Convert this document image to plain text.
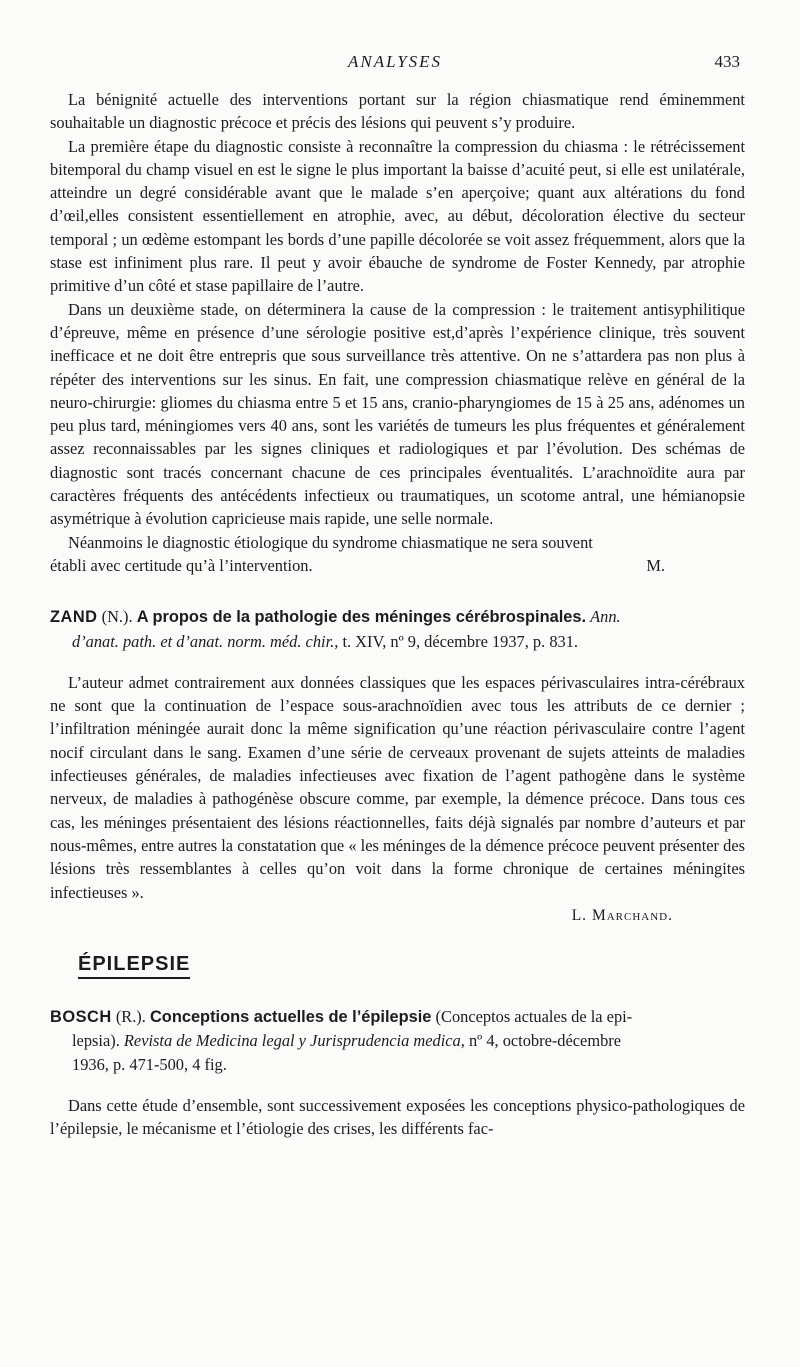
ANALYSES	433

La bénignité actuelle des interventions portant sur la région chiasmatique rend éminemment souhaitable un diagnostic précoce et précis des lésions qui peuvent s’y produire.

La première étape du diagnostic consiste à reconnaître la compression du chiasma : le rétrécissement bitemporal du champ visuel en est le signe le plus important la baisse d’acuité peut, si elle est unilatérale, atteindre un degré considérable avant que le malade s’en aperçoive; quant aux altérations du fond d’œil,elles consistent essentiellement en atrophie, avec, au début, décoloration élective du secteur temporal ; un œdème estompant les bords d’une papille décolorée se voit assez fréquemment, alors que la stase est infiniment plus rare. Il peut y avoir ébauche de syndrome de Foster Kennedy, par atrophie primitive d’un côté et stase papillaire de l’autre.

Dans un deuxième stade, on déterminera la cause de la compression : le traitement antisyphilitique d’épreuve, même en présence d’une sérologie positive est,d’après l’expérience clinique, très souvent inefficace et ne doit être entrepris que sous surveillance très attentive. On ne s’attardera pas non plus à répéter des interventions sur les sinus. En fait, une compression chiasmatique relève en général de la neuro-chirurgie: gliomes du chiasma entre 5 et 15 ans, cranio-pharyngiomes de 15 à 25 ans, adénomes un peu plus tard, méningiomes vers 40 ans, sont les variétés de tumeurs les plus fréquentes et généralement assez reconnaissables par les signes cliniques et radiologiques et par l’évolution. Des schémas de diagnostic sont tracés concernant chacune de ces principales éventualités. L’arachnoïdite aura par caractères fréquents des antécédents infectieux ou traumatiques, un scotome antral, une hémianopsie asymétrique à évolution capricieuse mais rapide, une selle normale.

Néanmoins le diagnostic étiologique du syndrome chiasmatique ne sera souvent

établi avec certitude qu’à l’intervention.	M.

ZAND (N.). A propos de la pathologie des méninges cérébrospinales. Ann.
d’anat. path. et d’anat. norm. méd. chir., t. XIV, nº 9, décembre 1937, p. 831.

L’auteur admet contrairement aux données classiques que les espaces périvasculaires intra-cérébraux ne sont que la continuation de l’espace sous-arachnoïdien avec tous les attributs de ce dernier ; l’infiltration méningée aurait donc la même signification qu’une réaction périvasculaire contre l’agent nocif circulant dans le sang. Examen d’une série de cerveaux provenant de sujets atteints de maladies infectieuses générales, de maladies infectieuses avec fixation de l’agent pathogène dans le système nerveux, de maladies à pathogénèse obscure comme, par exemple, la démence précoce. Dans tous ces cas, les méninges présentaient des lésions réactionnelles, faits déjà signalés par nombre d’auteurs et par nous-mêmes, entre autres la constatation que « les méninges de la démence précoce peuvent présenter des lésions très ressemblantes à celles qu’on voit dans la forme chronique de certaines méningites infectieuses ».

L. Marchand.

ÉPILEPSIE
BOSCH (R.). Conceptions actuelles de l’épilepsie (Conceptos actuales de la epi-
lepsia). Revista de Medicina legal y Jurisprudencia medica, nº 4, octobre-décembre
1936, p. 471-500, 4 fig.

Dans cette étude d’ensemble, sont successivement exposées les conceptions physico-pathologiques de l’épilepsie, le mécanisme et l’étiologie des crises, les différents fac-
